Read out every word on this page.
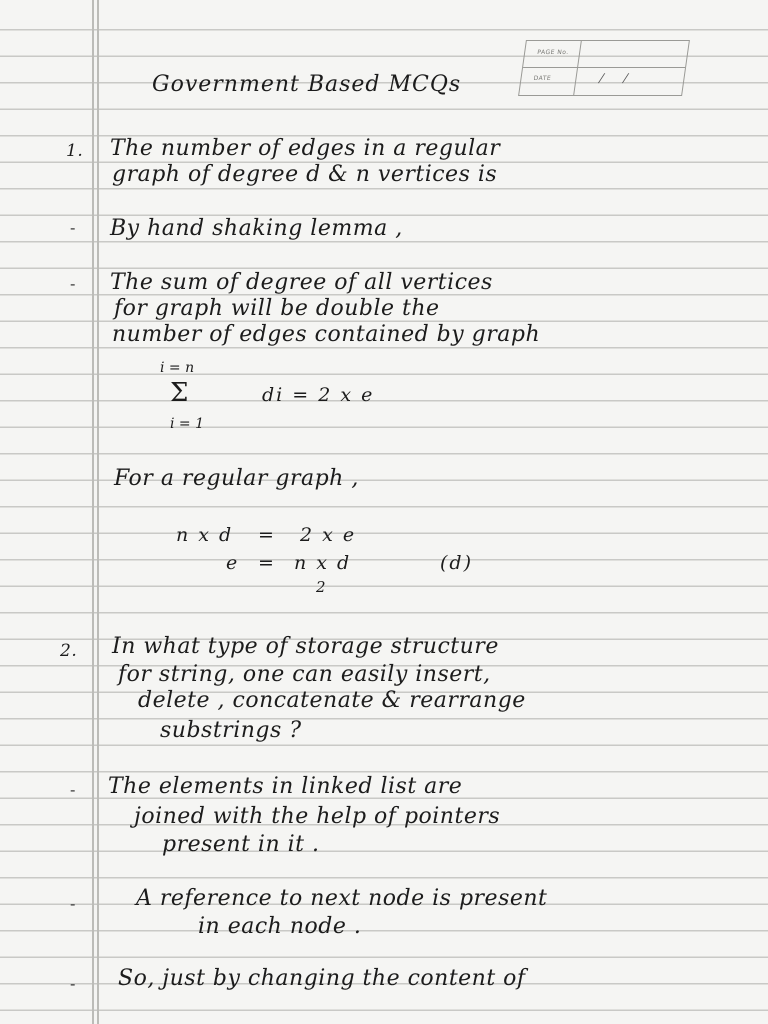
PAGE No.
DATE	/ /
Government Based MCQs
1. The number of edges in a regular
graph of degree d & n vertices is
- By hand shaking lemma ,
- The sum of degree of all vertices
for graph will be double the
number of edges contained by graph
i = n
Σ	di = 2 x e
i = 1
For a regular graph ,
n x d = 2 x e
e = n x d
2
(d)
2. In what type of storage structure
for string, one can easily insert,
delete , concatenate & rearrange
substrings ?
- The elements in linked list are
joined with the help of pointers
present in it .
-	A reference to next node is present
in each node .
- So, just by changing the content of
